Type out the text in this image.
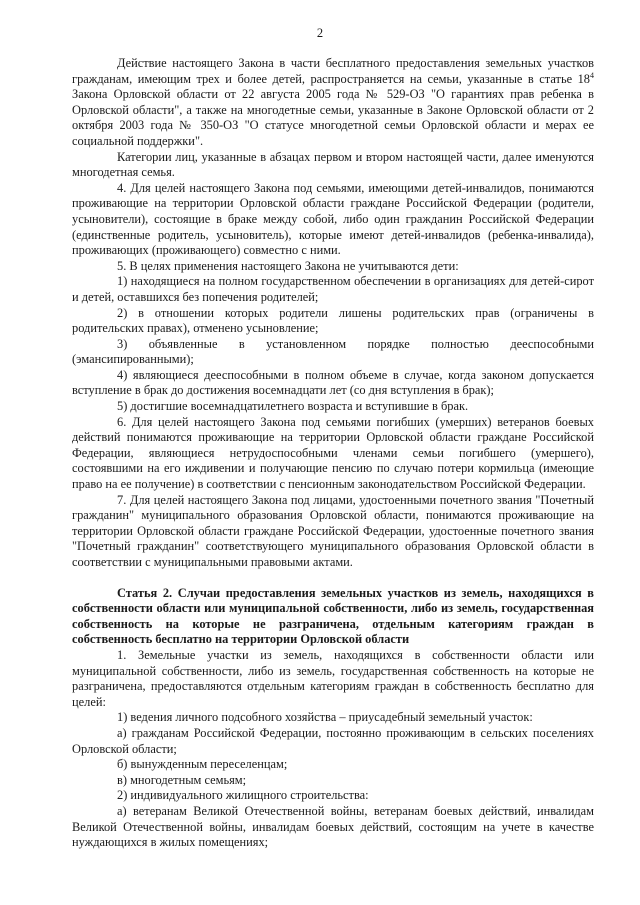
2

Действие настоящего Закона в части бесплатного предоставления земельных участков гражданам, имеющим трех и более детей, распространяется на семьи, указанные в статье $18^4$ Закона Орловской области от 22 августа 2005 года № 529-ОЗ "О гарантиях прав ребенка в Орловской области", а также на многодетные семьи, указанные в Законе Орловской области от 2 октября 2003 года № 350-ОЗ "О статусе многодетной семьи Орловской области и мерах ее социальной поддержки".

Категории лиц, указанные в абзацах первом и втором настоящей части, далее именуются многодетная семья.

4. Для целей настоящего Закона под семьями, имеющими детей-инвалидов, понимаются проживающие на территории Орловской области граждане Российской Федерации (родители, усыновители), состоящие в браке между собой, либо один гражданин Российской Федерации (единственные родитель, усыновитель), которые имеют детей-инвалидов (ребенка-инвалида), проживающих (проживающего) совместно с ними.

5. В целях применения настоящего Закона не учитываются дети:

1) находящиеся на полном государственном обеспечении в организациях для детей-сирот и детей, оставшихся без попечения родителей;

2) в отношении которых родители лишены родительских прав (ограничены в родительских правах), отменено усыновление;

3) объявленные в установленном порядке полностью дееспособными (эмансипированными);

4) являющиеся дееспособными в полном объеме в случае, когда законом допускается вступление в брак до достижения восемнадцати лет (со дня вступления в брак);

5) достигшие восемнадцатилетнего возраста и вступившие в брак.

6. Для целей настоящего Закона под семьями погибших (умерших) ветеранов боевых действий понимаются проживающие на территории Орловской области граждане Российской Федерации, являющиеся нетрудоспособными членами семьи погибшего (умершего), состоявшими на его иждивении и получающие пенсию по случаю потери кормильца (имеющие право на ее получение) в соответствии с пенсионным законодательством Российской Федерации.

7. Для целей настоящего Закона под лицами, удостоенными почетного звания "Почетный гражданин" муниципального образования Орловской области, понимаются проживающие на территории Орловской области граждане Российской Федерации, удостоенные почетного звания "Почетный гражданин" соответствующего муниципального образования Орловской области в соответствии с муниципальными правовыми актами.

Статья 2. Случаи предоставления земельных участков из земель, находящихся в собственности области или муниципальной собственности, либо из земель, государственная собственность на которые не разграничена, отдельным категориям граждан в собственность бесплатно на территории Орловской области

1. Земельные участки из земель, находящихся в собственности области или муниципальной собственности, либо из земель, государственная собственность на которые не разграничена, предоставляются отдельным категориям граждан в собственность бесплатно для целей:

1) ведения личного подсобного хозяйства – приусадебный земельный участок:

а) гражданам Российской Федерации, постоянно проживающим в сельских поселениях Орловской области;

б) вынужденным переселенцам;

в) многодетным семьям;

2) индивидуального жилищного строительства:

а) ветеранам Великой Отечественной войны, ветеранам боевых действий, инвалидам Великой Отечественной войны, инвалидам боевых действий, состоящим на учете в качестве нуждающихся в жилых помещениях;
